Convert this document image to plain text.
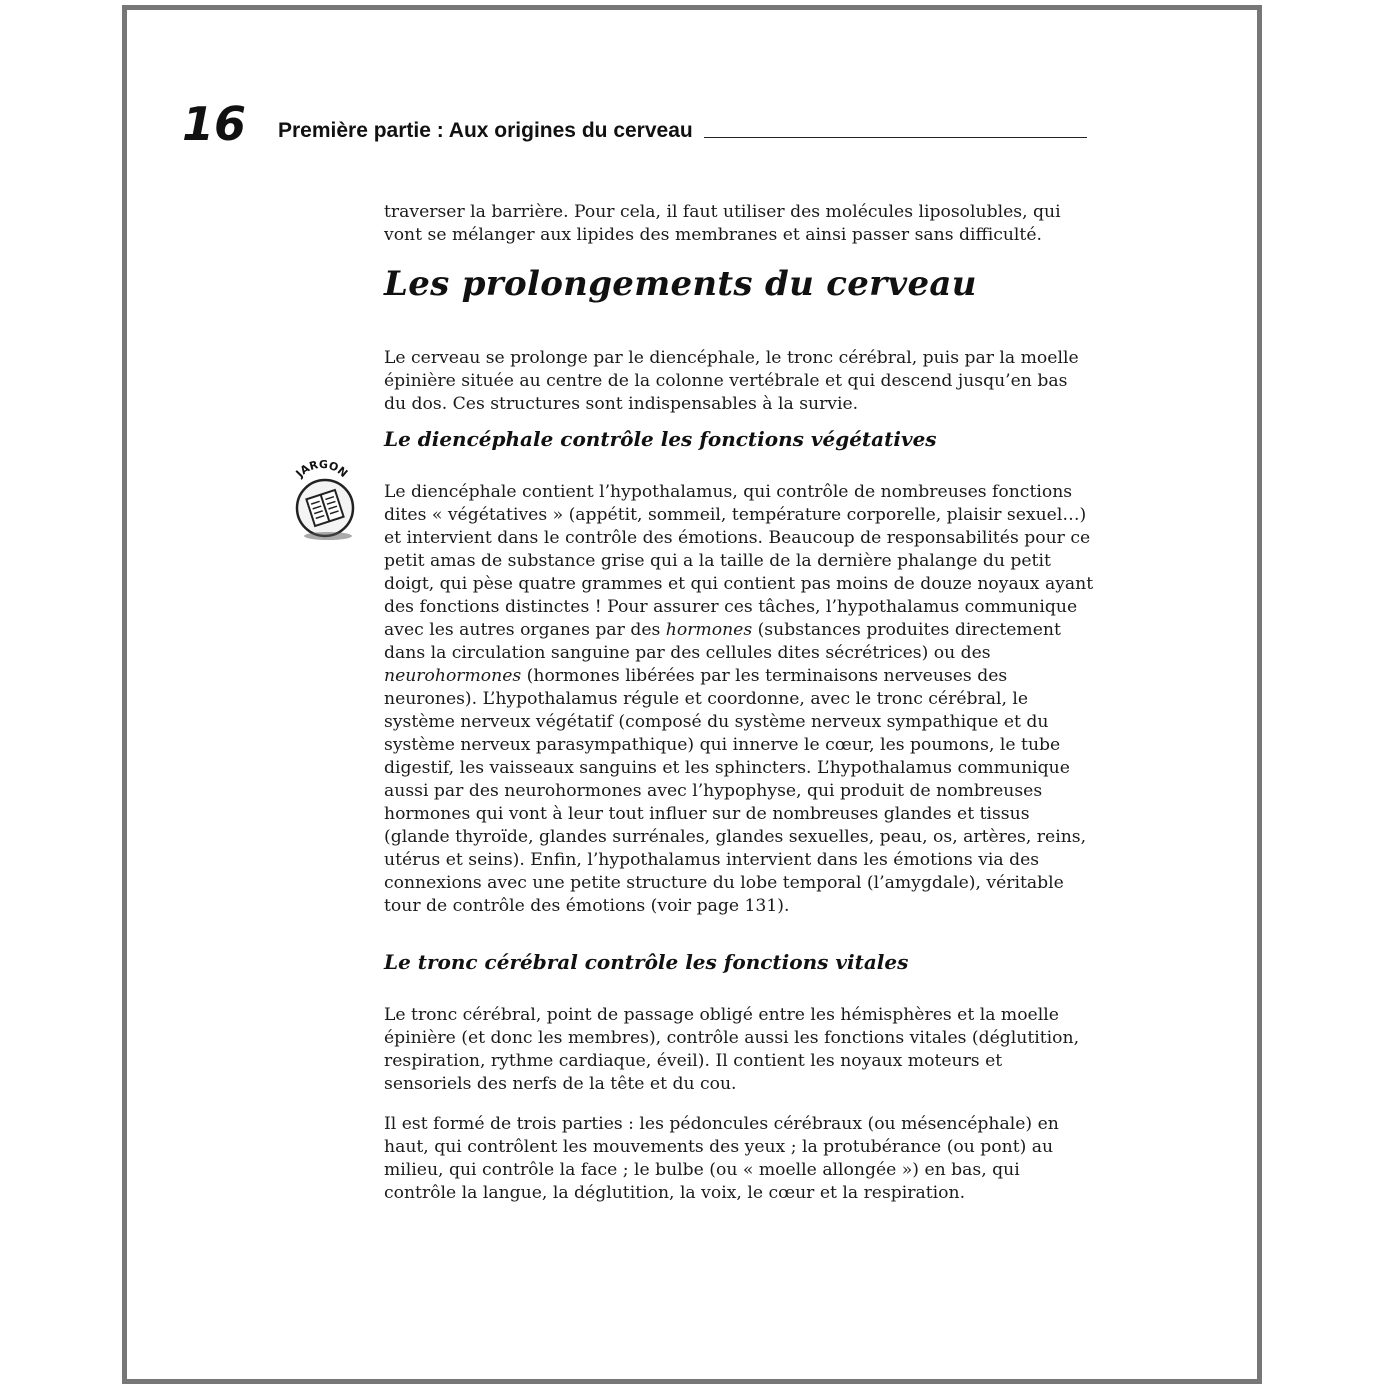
16 Première partie : Aux origines du cerveau

traverser la barrière. Pour cela, il faut utiliser des molécules liposolubles, qui vont se mélanger aux lipides des membranes et ainsi passer sans difficulté.

Les prolongements du cerveau

Le cerveau se prolonge par le diencéphale, le tronc cérébral, puis par la moelle épinière située au centre de la colonne vertébrale et qui descend jusqu’en bas du dos. Ces structures sont indispensables à la survie.

Le diencéphale contrôle les fonctions végétatives
JARGON

Le diencéphale contient l’hypothalamus, qui contrôle de nombreuses fonctions dites « végétatives » (appétit, sommeil, température corporelle, plaisir sexuel…) et intervient dans le contrôle des émotions. Beaucoup de responsabilités pour ce petit amas de substance grise qui a la taille de la dernière phalange du petit doigt, qui pèse quatre grammes et qui contient pas moins de douze noyaux ayant des fonctions distinctes ! Pour assurer ces tâches, l’hypothalamus communique avec les autres organes par des hormones (substances produites directement dans la circulation sanguine par des cellules dites sécrétrices) ou des neurohormones (hormones libérées par les terminaisons nerveuses des neurones). L’hypothalamus régule et coordonne, avec le tronc cérébral, le système nerveux végétatif (composé du système nerveux sympathique et du système nerveux parasympathique) qui innerve le cœur, les poumons, le tube digestif, les vaisseaux sanguins et les sphincters. L’hypothalamus communique aussi par des neurohormones avec l’hypophyse, qui produit de nombreuses hormones qui vont à leur tout influer sur de nombreuses glandes et tissus (glande thyroïde, glandes surrénales, glandes sexuelles, peau, os, artères, reins, utérus et seins). Enfin, l’hypothalamus intervient dans les émotions via des connexions avec une petite structure du lobe temporal (l’amygdale), véritable tour de contrôle des émotions (voir page 131).

Le tronc cérébral contrôle les fonctions vitales

Le tronc cérébral, point de passage obligé entre les hémisphères et la moelle épinière (et donc les membres), contrôle aussi les fonctions vitales (déglutition, respiration, rythme cardiaque, éveil). Il contient les noyaux moteurs et sensoriels des nerfs de la tête et du cou.

Il est formé de trois parties : les pédoncules cérébraux (ou mésencéphale) en haut, qui contrôlent les mouvements des yeux ; la protubérance (ou pont) au milieu, qui contrôle la face ; le bulbe (ou « moelle allongée ») en bas, qui contrôle la langue, la déglutition, la voix, le cœur et la respiration.
